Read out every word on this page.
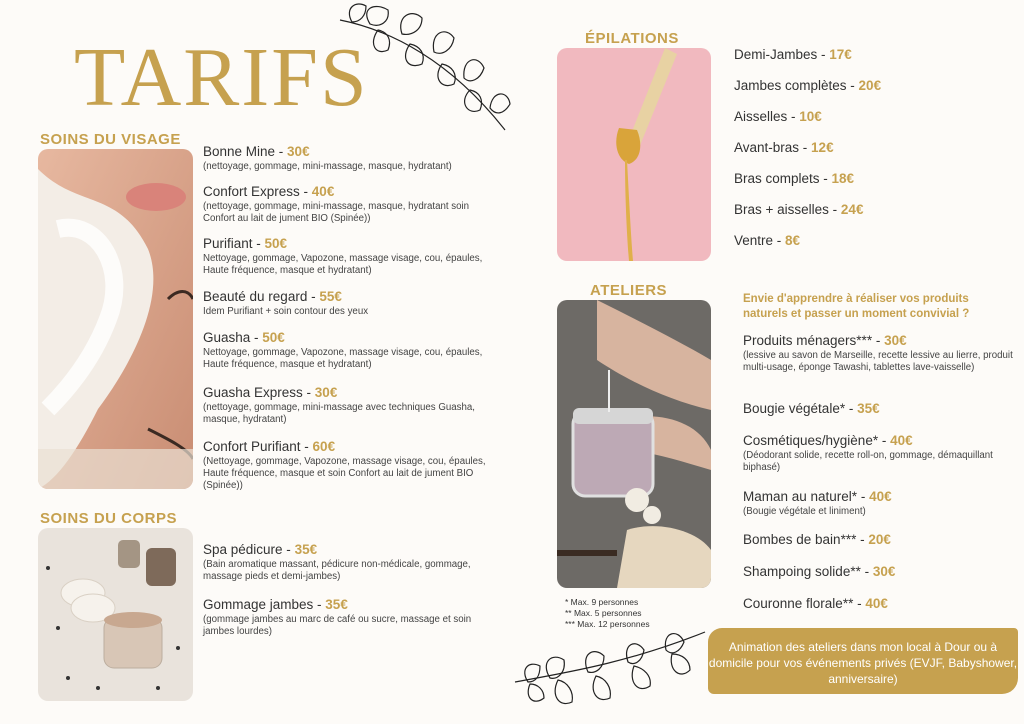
TARIFS
SOINS DU VISAGE
Bonne Mine - 30€
(nettoyage, gommage, mini-massage, masque, hydratant)
Confort Express - 40€
(nettoyage, gommage, mini-massage, masque, hydratant soin Confort au lait de jument BIO (Spinée))
Purifiant - 50€
Nettoyage, gommage, Vapozone, massage visage, cou, épaules, Haute fréquence, masque et hydratant)
Beauté du regard - 55€
Idem Purifiant + soin contour des yeux
Guasha - 50€
Nettoyage, gommage, Vapozone, massage visage, cou, épaules, Haute fréquence, masque et hydratant)
Guasha Express - 30€
(nettoyage, gommage, mini-massage avec techniques Guasha, masque, hydratant)
Confort Purifiant - 60€
(Nettoyage, gommage, Vapozone, massage visage, cou, épaules, Haute fréquence, masque et soin Confort au lait de jument BIO (Spinée))
SOINS DU CORPS
Spa pédicure - 35€
(Bain aromatique massant, pédicure non-médicale, gommage, massage pieds et demi-jambes)
Gommage jambes - 35€
(gommage jambes au marc de café ou sucre, massage et soin jambes lourdes)
ÉPILATIONS
Demi-Jambes - 17€
Jambes complètes - 20€
Aisselles - 10€
Avant-bras - 12€
Bras complets - 18€
Bras + aisselles - 24€
Ventre - 8€
ATELIERS	Envie d'apprendre à réaliser vos produits naturels et passer un moment convivial ?
Produits ménagers*** - 30€
(lessive au savon de Marseille, recette lessive au lierre, produit multi-usage, éponge Tawashi, tablettes lave-vaisselle)
Bougie végétale* - 35€
Cosmétiques/hygiène* - 40€
(Déodorant solide, recette roll-on, gommage, démaquillant biphasé)
Maman au naturel* - 40€
(Bougie végétale et liniment)
Bombes de bain*** - 20€
Shampoing solide** - 30€
Couronne florale** - 40€
* Max. 9 personnes
** Max. 5 personnes
*** Max. 12 personnes
Animation des ateliers dans mon local à Dour ou à domicile pour vos événements privés (EVJF, Babyshower, anniversaire)
